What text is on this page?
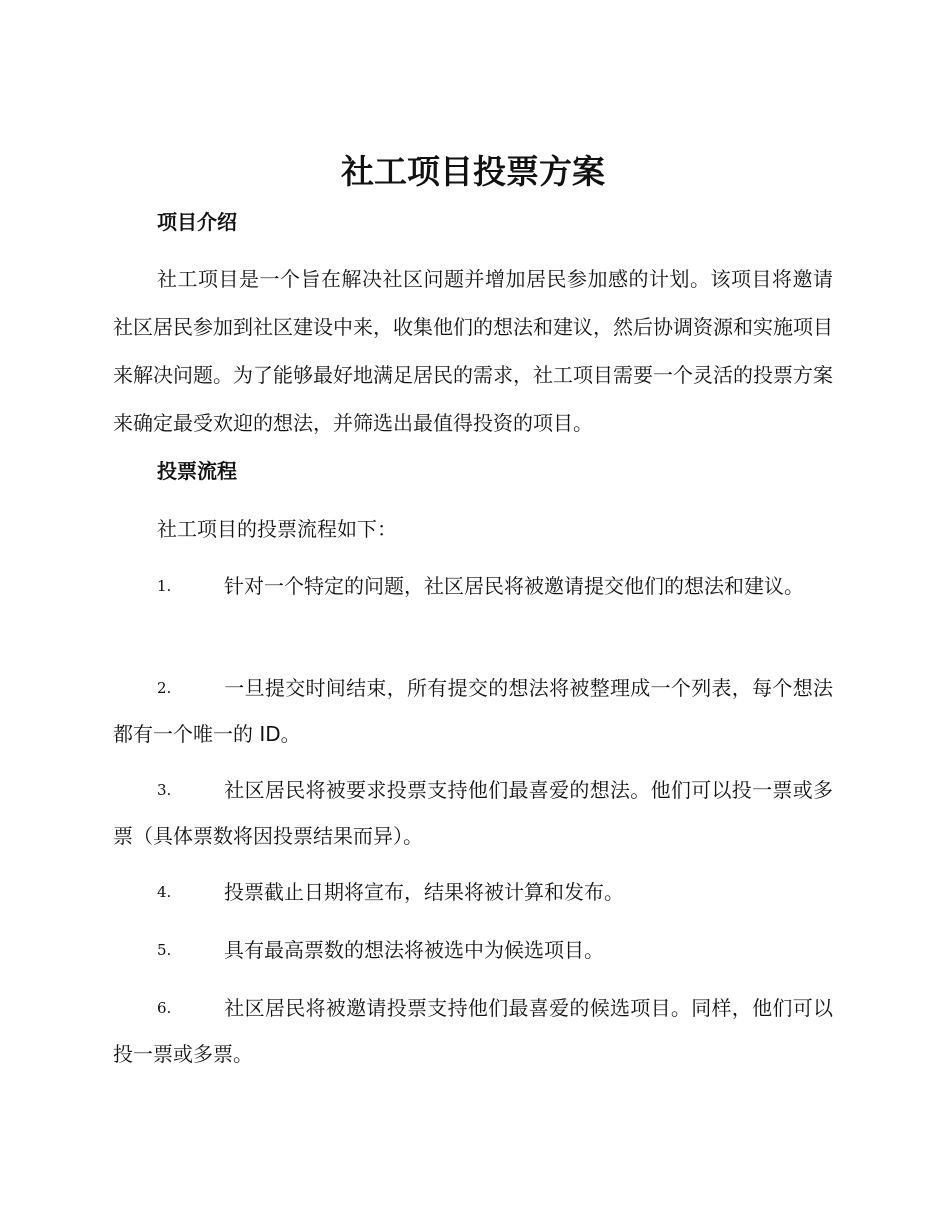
社工项目投票方案
项目介绍

社工项目是一个旨在解决社区问题并增加居民参加感的计划。该项目将邀请社区居民参加到社区建设中来，收集他们的想法和建议，然后协调资源和实施项目来解决问题。为了能够最好地满足居民的需求，社工项目需要一个灵活的投票方案来确定最受欢迎的想法，并筛选出最值得投资的项目。

投票流程

社工项目的投票流程如下：

1.	针对一个特定的问题，社区居民将被邀请提交他们的想法和建议。
2.	一旦提交时间结束，所有提交的想法将被整理成一个列表，每个想法都有一个唯一的 ID。
3.	社区居民将被要求投票支持他们最喜爱的想法。他们可以投一票或多票（具体票数将因投票结果而异）。
4.	投票截止日期将宣布，结果将被计算和发布。
5.	具有最高票数的想法将被选中为候选项目。
6.	社区居民将被邀请投票支持他们最喜爱的候选项目。同样，他们可以投一票或多票。
